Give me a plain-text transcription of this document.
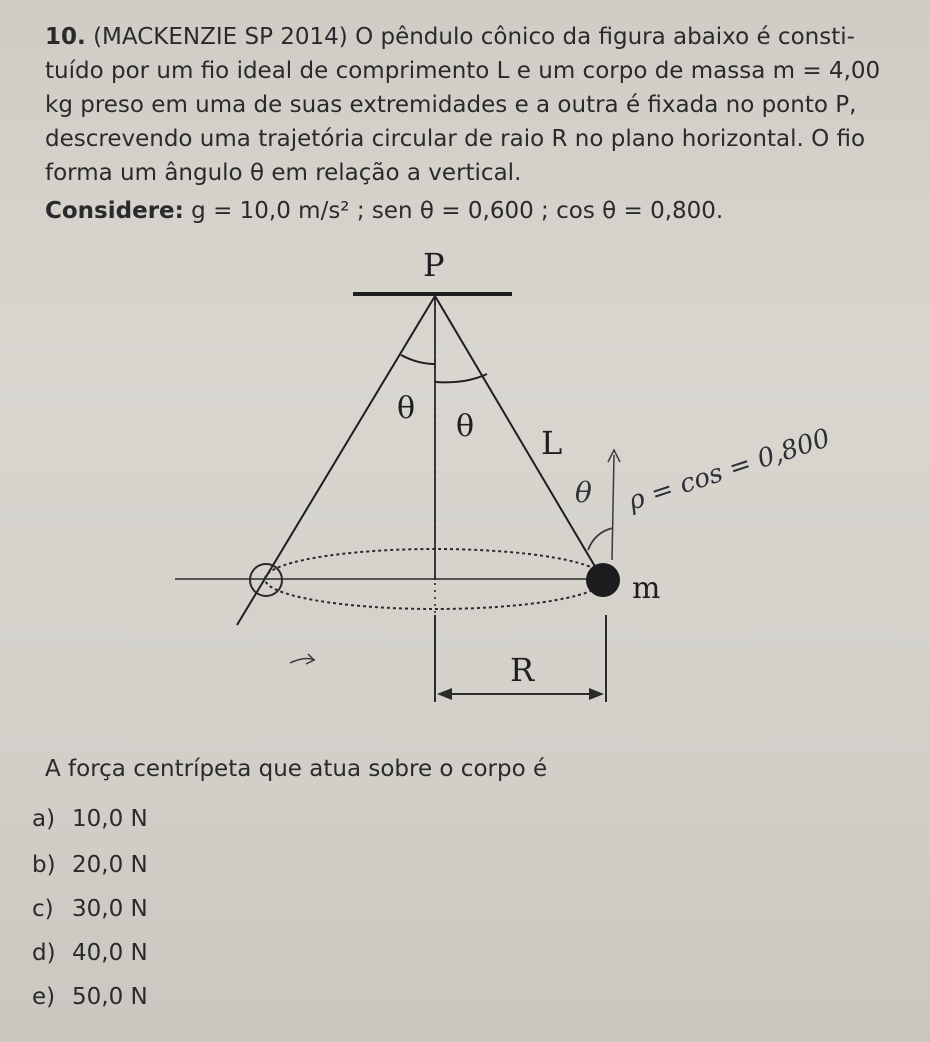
10. (MACKENZIE SP 2014) O pêndulo cônico da figura abaixo é consti-
tuído por um fio ideal de comprimento L e um corpo de massa m = 4,00
kg preso em uma de suas extremidades e a outra é fixada no ponto P,
descrevendo uma trajetória circular de raio R no plano horizontal. O fio
forma um ângulo θ em relação a vertical.
Considere: g = 10,0 m/s² ; sen θ = 0,600 ; cos θ = 0,800.
P
θ
θ L
θ
m
R
ρ = cos = 0,800
A força centrípeta que atua sobre o corpo é
a) 10,0 N
b) 20,0 N
c) 30,0 N
d) 40,0 N
e) 50,0 N
